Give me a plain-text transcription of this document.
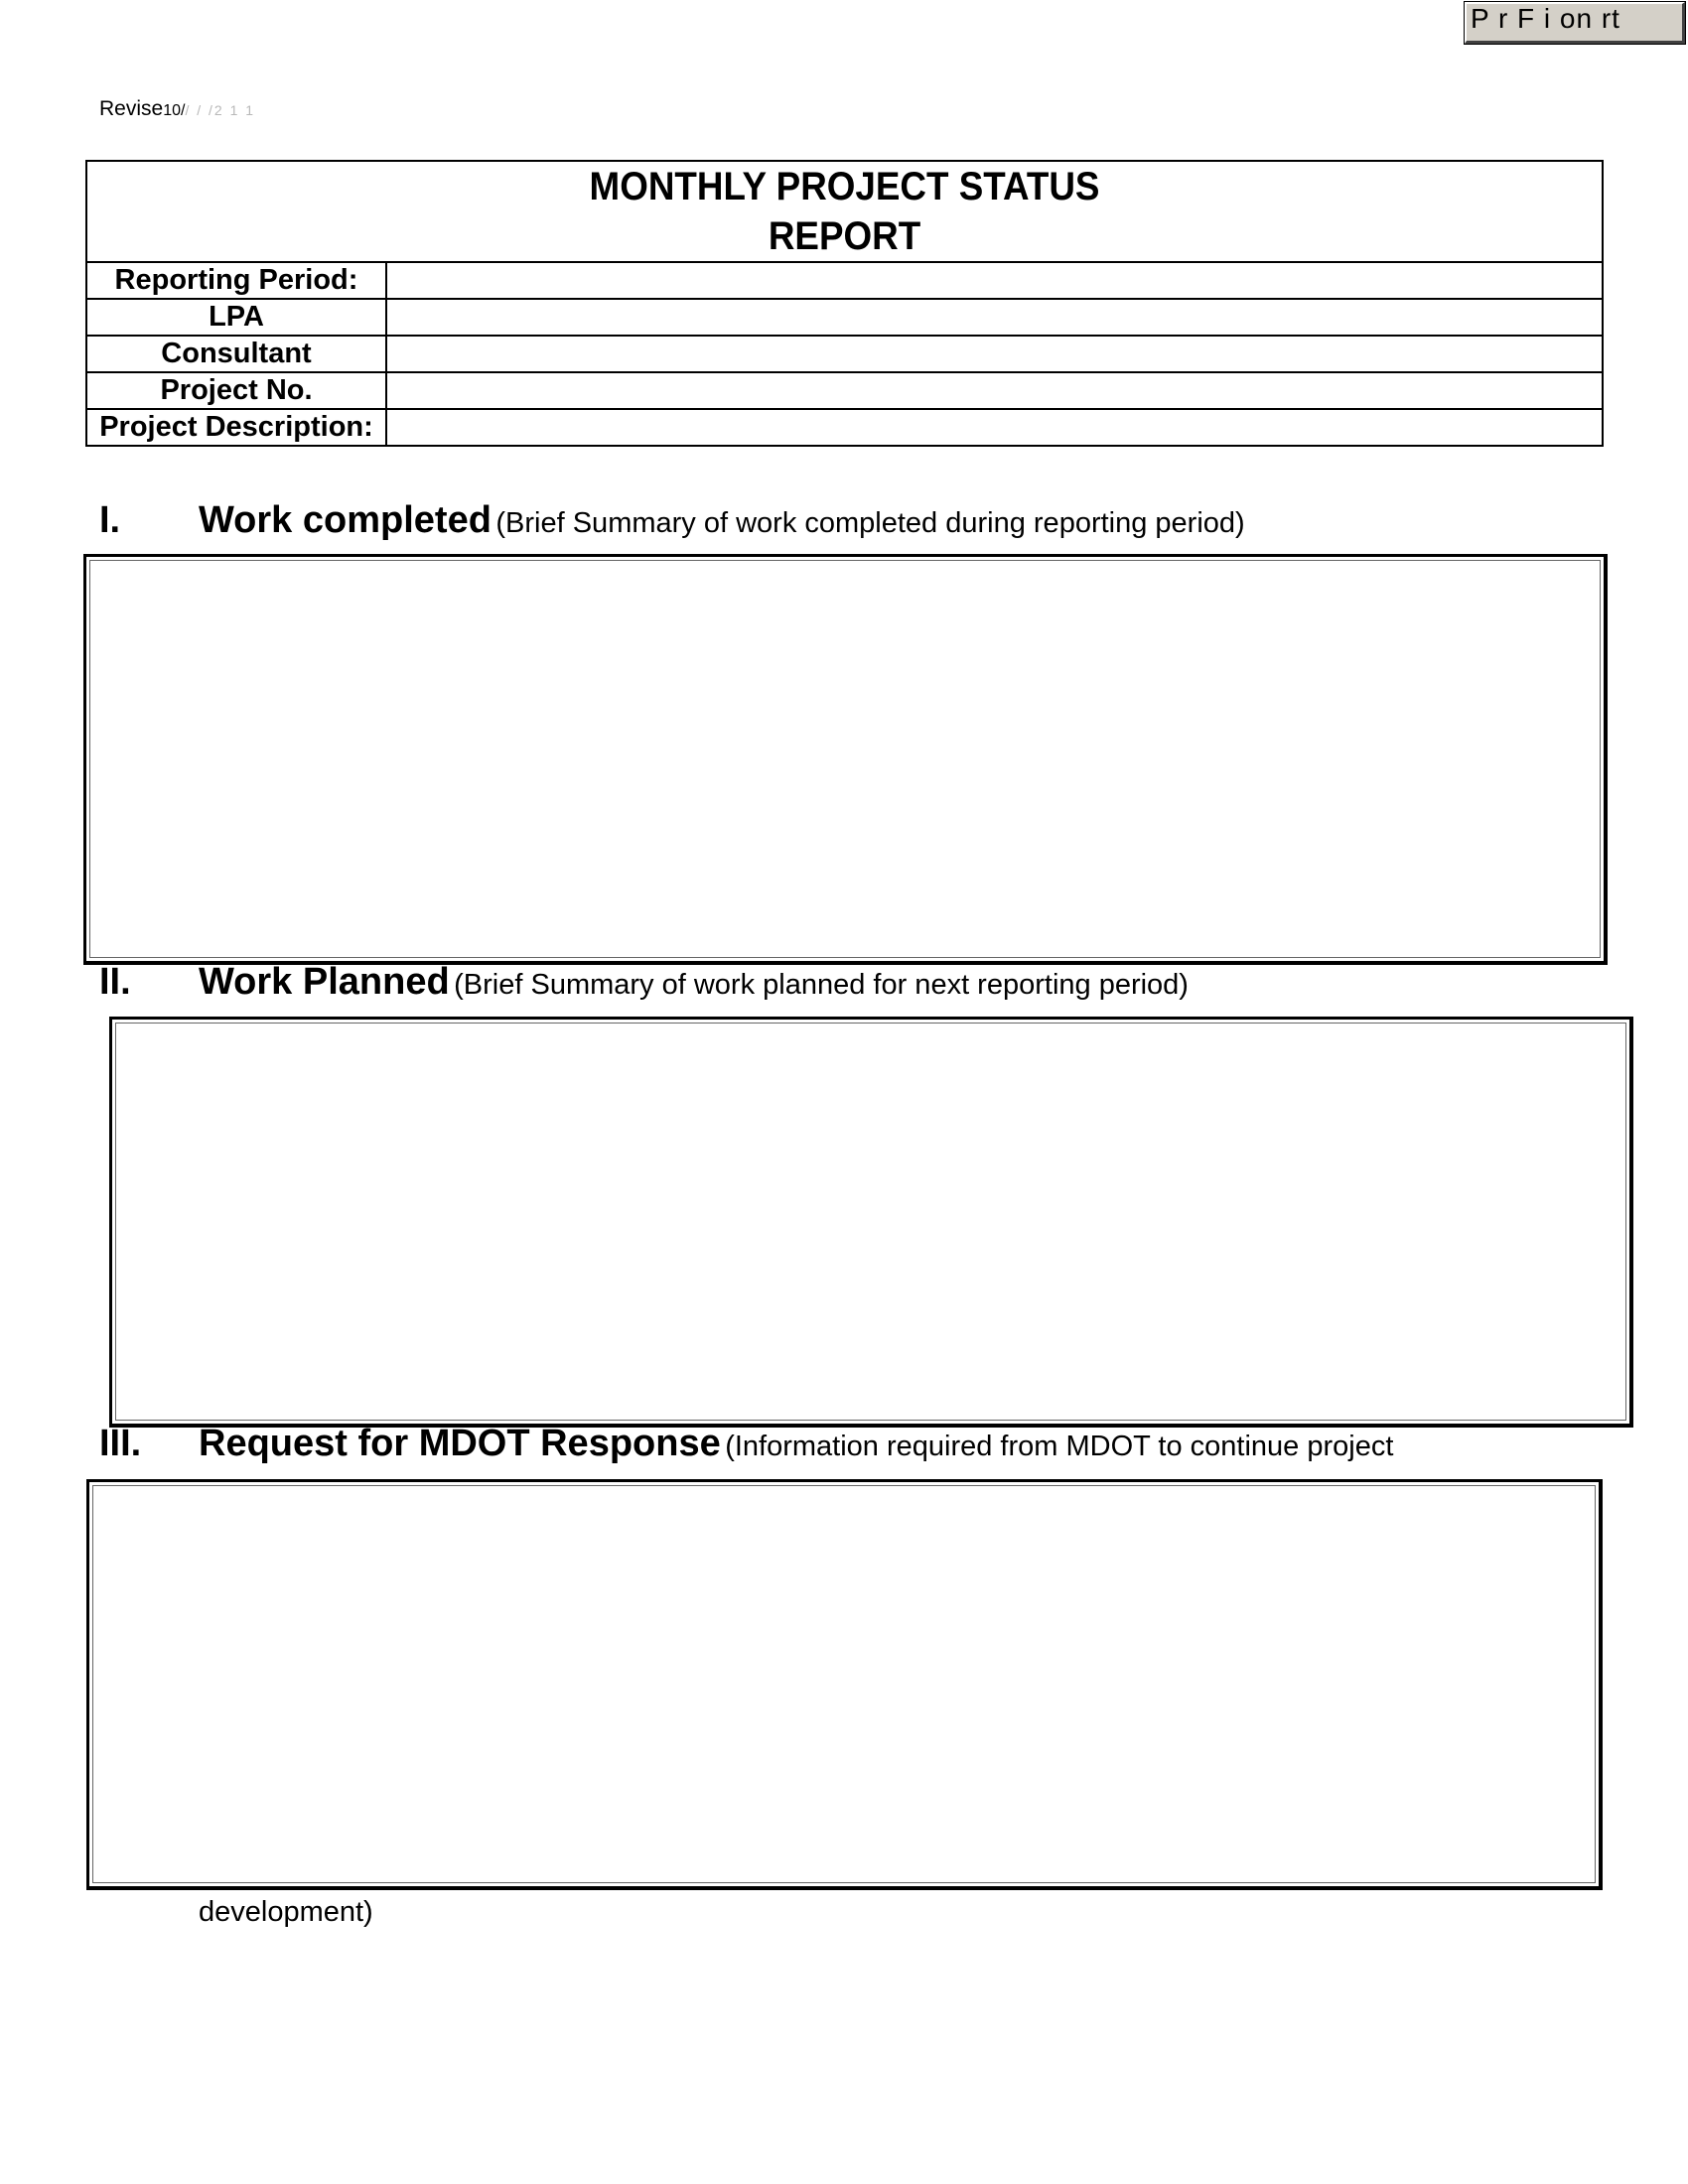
P r F i on rt
Revise10// / /2 1 1
MONTHLY PROJECT STATUS
REPORT	

Reporting Period:	
LPA	
Consultant	
Project No.	
Project Description:	
I. Work completed (Brief Summary of work completed during reporting period)
II. Work Planned (Brief Summary of work planned for next reporting period)
III. Request for MDOT Response (Information required from MDOT to continue project
development)
